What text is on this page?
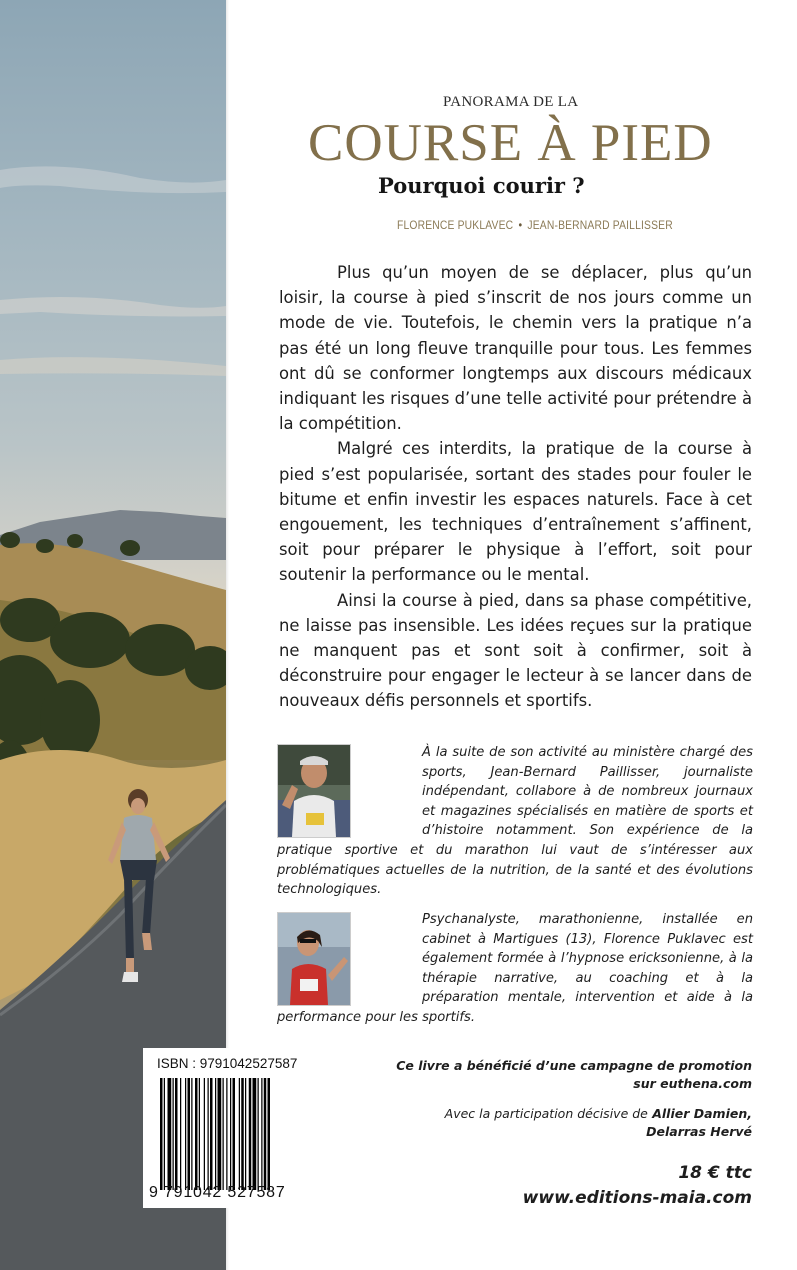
PANORAMA DE LA
COURSE À PIED
Pourquoi courir ?
FLORENCE PUKLAVEC • JEAN-BERNARD PAILLISSER

Plus qu’un moyen de se déplacer, plus qu’un loisir, la course à pied s’inscrit de nos jours comme un mode de vie. Toutefois, le chemin vers la pratique n’a pas été un long fleuve tranquille pour tous. Les femmes ont dû se conformer longtemps aux discours médicaux indiquant les risques d’une telle activité pour prétendre à la compétition.

Malgré ces interdits, la pratique de la course à pied s’est popularisée, sortant des stades pour fouler le bitume et enfin investir les espaces naturels. Face à cet engouement, les techniques d’entraînement s’affinent, soit pour préparer le physique à l’effort, soit pour soutenir la performance ou le mental.

Ainsi la course à pied, dans sa phase compétitive, ne laisse pas insensible. Les idées reçues sur la pratique ne manquent pas et sont soit à confirmer, soit à déconstruire pour engager le lecteur à se lancer dans de nouveaux défis personnels et sportifs.

À la suite de son activité au ministère chargé des sports, Jean-Bernard Paillisser, journaliste indépendant, collabore à de nombreux journaux et magazines spécialisés en matière de sports et d’histoire notamment. Son expérience de la pratique sportive et du marathon lui vaut de s’intéresser aux problématiques actuelles de la nutrition, de la santé et des évolutions technologiques.
Psychanalyste, marathonienne, installée en cabinet à Martigues (13), Florence Puklavec est également formée à l’hypnose ericksonienne, à la thérapie narrative, au coaching et à la préparation mentale, intervention et aide à la performance pour les sportifs.
ISBN : 9791042527587
9 791042 527587
Ce livre a bénéficié d’une campagne de promotion
sur euthena.com
Avec la participation décisive de Allier Damien,
Delarras Hervé
18 € ttc
www.editions-maia.com
